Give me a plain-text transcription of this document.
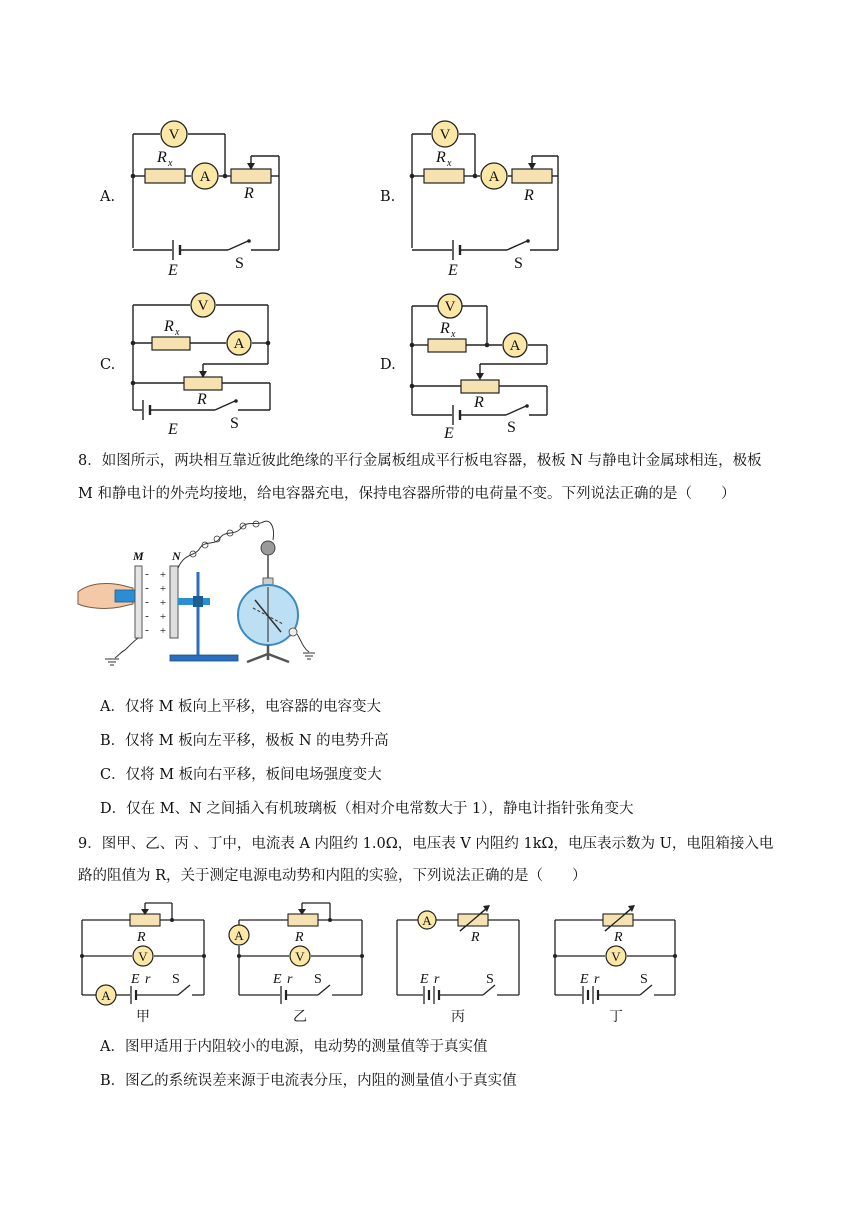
V
A
V
A
V
A
V
A
R x
R
E
R x
R
E
R x
R
E
R x
R
E
S	S
S	S
A.	B.
C.	D.
8．如图所示，两块相互靠近彼此绝缘的平行金属板组成平行板电容器，极板 N 与静电计金属球相连，极板
M 和静电计的外壳均接地，给电容器充电，保持电容器所带的电荷量不变。下列说法正确的是（　　）
M
-
-
-
-
-
+
+
+
+
+
N
A．仅将 M 板向上平移，电容器的电容变大
B．仅将 M 板向左平移，极板 N 的电势升高
C．仅将 M 板向右平移，板间电场强度变大
D．仅在 M、N 之间插入有机玻璃板（相对介电常数大于 1），静电计指针张角变大
9．图甲、乙、丙 、丁中，电流表 A 内阻约 1.0Ω，电压表 V 内阻约 1kΩ，电压表示数为 U，电阻箱接入电
路的阻值为 R，关于测定电源电动势和内阻的实验，下列说法正确的是（　　）
V
A
A
V
A
V
R	R	R	R
E r	E r	E r	E r
S	S	S	S
甲	乙	丙	丁
A．图甲适用于内阻较小的电源，电动势的测量值等于真实值
B．图乙的系统误差来源于电流表分压，内阻的测量值小于真实值
